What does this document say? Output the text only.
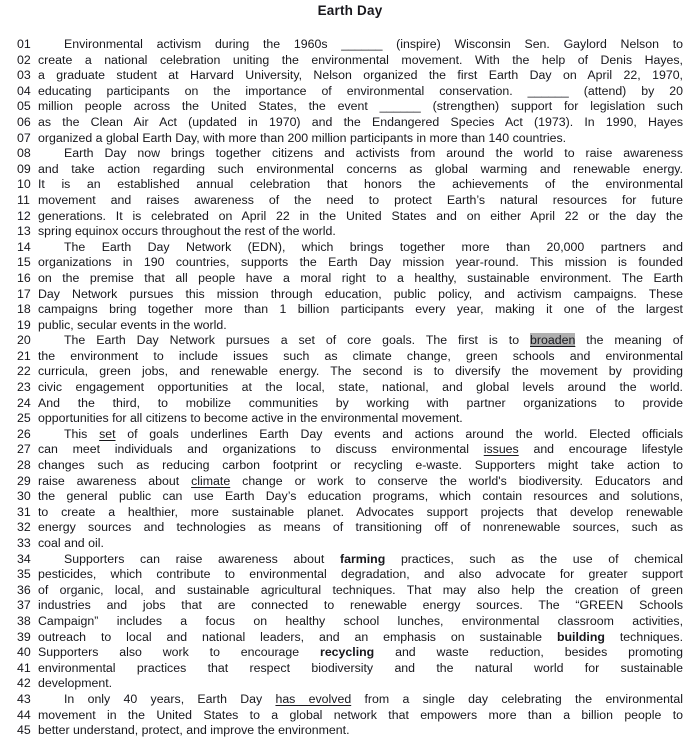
Earth Day
01	Environmental activism during the 1960s ______ (inspire) Wisconsin Sen. Gaylord Nelson to
02 create a national celebration uniting the environmental movement. With the help of Denis Hayes,
03 a graduate student at Harvard University, Nelson organized the first Earth Day on April 22, 1970,
04 educating participants on the importance of environmental conservation. ______ (attend) by 20
05 million people across the United States, the event ______ (strengthen) support for legislation such
06 as the Clean Air Act (updated in 1970) and the Endangered Species Act (1973). In 1990, Hayes
07 organized a global Earth Day, with more than 200 million participants in more than 140 countries.
08	Earth Day now brings together citizens and activists from around the world to raise awareness
09 and take action regarding such environmental concerns as global warming and renewable energy.
10 It is an established annual celebration that honors the achievements of the environmental
11 movement and raises awareness of the need to protect Earth’s natural resources for future
12 generations. It is celebrated on April 22 in the United States and on either April 22 or the day the
13 spring equinox occurs throughout the rest of the world.
14	The Earth Day Network (EDN), which brings together more than 20,000 partners and
15 organizations in 190 countries, supports the Earth Day mission year-round. This mission is founded
16 on the premise that all people have a moral right to a healthy, sustainable environment. The Earth
17 Day Network pursues this mission through education, public policy, and activism campaigns. These
18 campaigns bring together more than 1 billion participants every year, making it one of the largest
19 public, secular events in the world.
20	The Earth Day Network pursues a set of core goals. The first is to broaden the meaning of
21 the environment to include issues such as climate change, green schools and environmental
22 curricula, green jobs, and renewable energy. The second is to diversify the movement by providing
23 civic engagement opportunities at the local, state, national, and global levels around the world.
24 And the third, to mobilize communities by working with partner organizations to provide
25 opportunities for all citizens to become active in the environmental movement.
26	This set of goals underlines Earth Day events and actions around the world. Elected officials
27 can meet individuals and organizations to discuss environmental issues and encourage lifestyle
28 changes such as reducing carbon footprint or recycling e-waste. Supporters might take action to
29 raise awareness about climate change or work to conserve the world's biodiversity. Educators and
30 the general public can use Earth Day’s education programs, which contain resources and solutions,
31 to create a healthier, more sustainable planet. Advocates support projects that develop renewable
32 energy sources and technologies as means of transitioning off of nonrenewable sources, such as
33 coal and oil.
34	Supporters can raise awareness about farming practices, such as the use of chemical
35 pesticides, which contribute to environmental degradation, and also advocate for greater support
36 of organic, local, and sustainable agricultural techniques. That may also help the creation of green
37 industries and jobs that are connected to renewable energy sources. The “GREEN Schools
38 Campaign” includes a focus on healthy school lunches, environmental classroom activities,
39 outreach to local and national leaders, and an emphasis on sustainable building techniques.
40 Supporters also work to encourage recycling and waste reduction, besides promoting
41 environmental practices that respect biodiversity and the natural world for sustainable
42 development.
43	In only 40 years, Earth Day has evolved from a single day celebrating the environmental
44 movement in the United States to a global network that empowers more than a billion people to
45 better understand, protect, and improve the environment.
